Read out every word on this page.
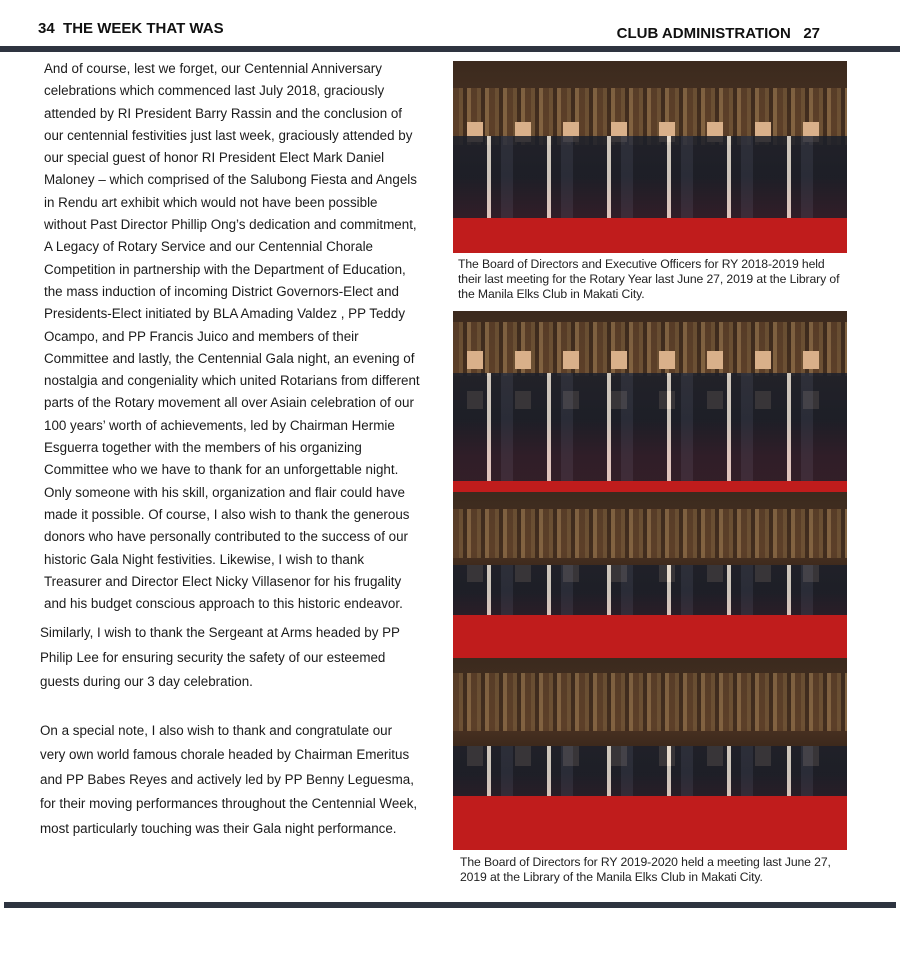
34 THE WEEK THAT WAS	CLUB ADMINISTRATION 27

And of course, lest we forget, our Centennial Anniversary celebrations which commenced last July 2018, graciously attended by RI President Barry Rassin and the conclusion of our centennial festivities just last week, graciously attended by our special guest of honor RI President Elect Mark Daniel Maloney – which comprised of the Salubong Fiesta and Angels in Rendu art exhibit which would not have been possible without Past Director Phillip Ong’s dedication and commitment, A Legacy of Rotary Service and our Centennial Chorale Competition in partnership with the Department of Education, the mass induction of incoming District Governors-Elect and Presidents-Elect initiated by BLA Amading Valdez , PP Teddy Ocampo, and PP Francis Juico and members of their Committee and lastly, the Centennial Gala night, an evening of nostalgia and congeniality which united Rotarians from different parts of the Rotary movement all over Asiain celebration of our 100 years’ worth of achievements, led by Chairman Hermie Esguerra together with the members of his organizing Committee who we have to thank for an unforgettable night. Only someone with his skill, organization and flair could have made it possible. Of course, I also wish to thank the generous donors who have personally contributed to the success of our historic Gala Night festivities. Likewise, I wish to thank Treasurer and Director Elect Nicky Villasenor for his frugality and his budget conscious approach to this historic endeavor.

Similarly, I wish to thank the Sergeant at Arms headed by PP Philip Lee for ensuring security the safety of our esteemed guests during our 3 day celebration.

On a special note, I also wish to thank and congratulate our very own world famous chorale headed by Chairman Emeritus and PP Babes Reyes and actively led by PP Benny Leguesma, for their moving performances throughout the Centennial Week, most particularly touching was their Gala night performance.

The Board of Directors and Executive Officers for RY 2018-2019 held their last meeting for the Rotary Year last June 27, 2019 at the Library of the Manila Elks Club in Makati City.
The Board of Directors for RY 2019-2020 held a meeting last June 27, 2019 at the Library of the Manila Elks Club in Makati City.
